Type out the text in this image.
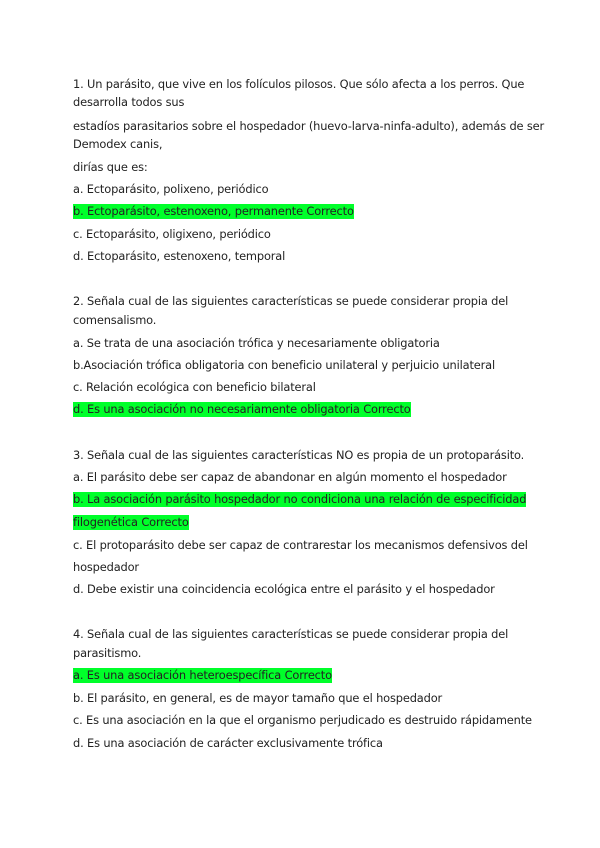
1. Un parásito, que vive en los folículos pilosos. Que sólo afecta a los perros. Que
desarrolla todos sus
estadíos parasitarios sobre el hospedador (huevo-larva-ninfa-adulto), además de ser
Demodex canis,
dirías que es:
a. Ectoparásito, polixeno, periódico
b. Ectoparásito, estenoxeno, permanente Correcto
c. Ectoparásito, oligixeno, periódico
d. Ectoparásito, estenoxeno, temporal
2. Señala cual de las siguientes características se puede considerar propia del
comensalismo.
a. Se trata de una asociación trófica y necesariamente obligatoria
b.Asociación trófica obligatoria con beneficio unilateral y perjuicio unilateral
c. Relación ecológica con beneficio bilateral
d. Es una asociación no necesariamente obligatoria Correcto
3. Señala cual de las siguientes características NO es propia de un protoparásito.
a. El parásito debe ser capaz de abandonar en algún momento el hospedador
b. La asociación parásito hospedador no condiciona una relación de especificidad
filogenética Correcto
c. El protoparásito debe ser capaz de contrarestar los mecanismos defensivos del
hospedador
d. Debe existir una coincidencia ecológica entre el parásito y el hospedador
4. Señala cual de las siguientes características se puede considerar propia del
parasitismo.
a. Es una asociación heteroespecífica Correcto
b. El parásito, en general, es de mayor tamaño que el hospedador
c. Es una asociación en la que el organismo perjudicado es destruido rápidamente
d. Es una asociación de carácter exclusivamente trófica
